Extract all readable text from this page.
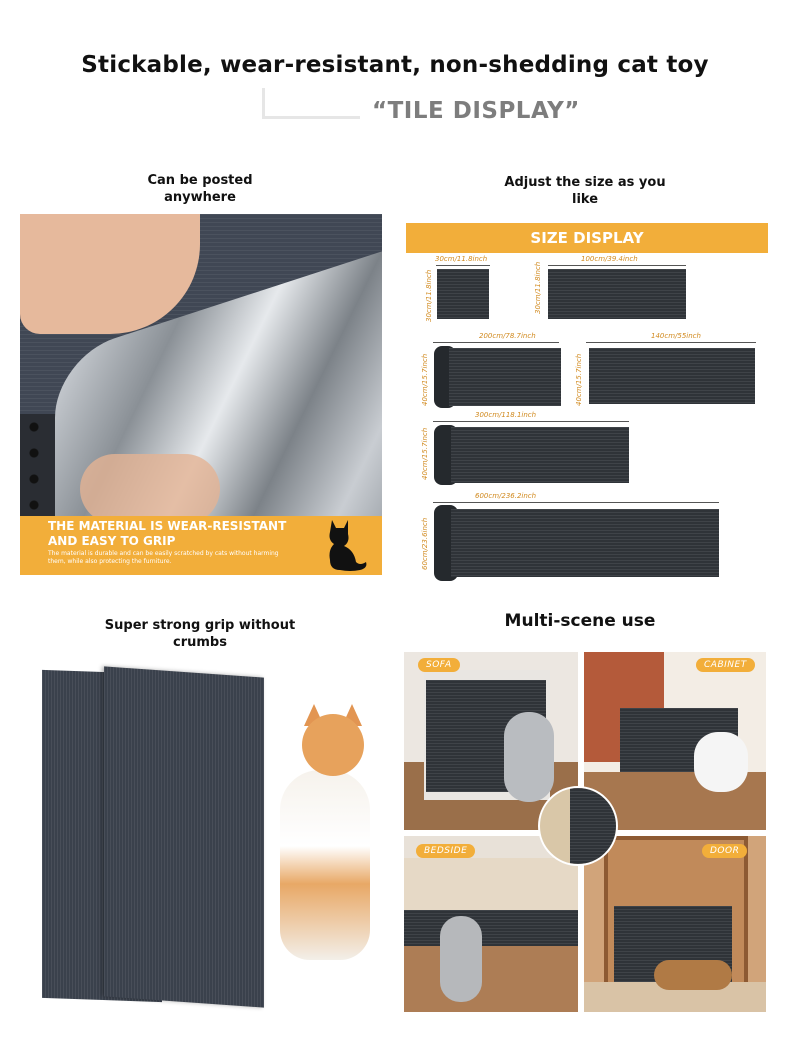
Stickable, wear-resistant, non-shedding cat toy
“TILE DISPLAY”
Can be posted anywhere
Adjust the size as you like
THE MATERIAL IS WEAR-RESISTANT AND EASY TO GRIP
The material is durable and can be easily scratched by cats without harming them, while also protecting the furniture.
SIZE DISPLAY
30cm/11.8inch
30cm/11.8inch
100cm/39.4inch
30cm/11.8inch
200cm/78.7inch
40cm/15.7inch
140cm/55inch
40cm/15.7inch
300cm/118.1inch
40cm/15.7inch
600cm/236.2inch
60cm/23.6inch
Super strong grip without crumbs
Multi-scene use
SOFA	CABINET
BEDSIDE	DOOR
